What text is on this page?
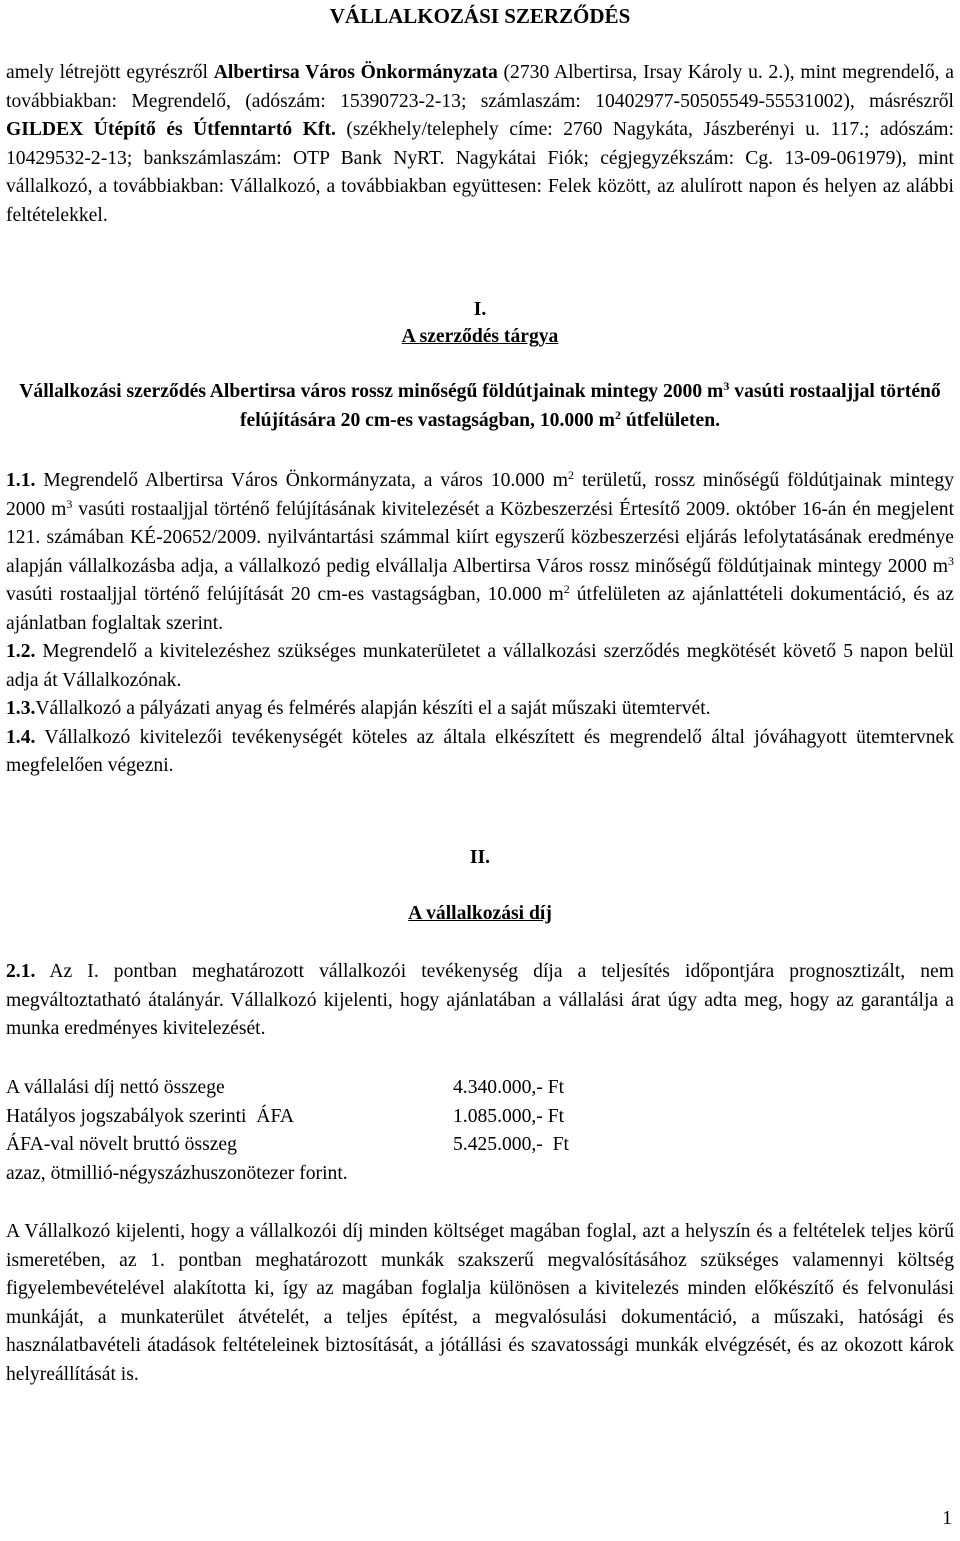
VÁLLALKOZÁSI SZERZŐDÉS

amely létrejött egyrészről Albertirsa Város Önkormányzata (2730 Albertirsa, Irsay Károly u. 2.), mint megrendelő, a továbbiakban: Megrendelő, (adószám: 15390723-2-13; számlaszám: 10402977-50505549-55531002), másrészről GILDEX Útépítő és Útfenntartó Kft. (székhely/telephely címe: 2760 Nagykáta, Jászberényi u. 117.; adószám: 10429532-2-13; bankszámlaszám: OTP Bank NyRT. Nagykátai Fiók; cégjegyzékszám: Cg. 13-09-061979), mint vállalkozó, a továbbiakban: Vállalkozó, a továbbiakban együttesen: Felek között, az alulírott napon és helyen az alábbi feltételekkel.

I.

A szerződés tárgya

Vállalkozási szerződés Albertirsa város rossz minőségű földútjainak mintegy 2000 $m^3$ vasúti rostaaljjal történő felújítására 20 cm-es vastagságban, 10.000 $m^2$ útfelületen.

1.1. Megrendelő Albertirsa Város Önkormányzata, a város 10.000 $m^2$ területű, rossz minőségű földútjainak mintegy 2000 $m^3$ vasúti rostaaljjal történő felújításának kivitelezését a Közbeszerzési Értesítő 2009. október 16-án én megjelent 121. számában KÉ-20652/2009. nyilvántartási számmal kiírt egyszerű közbeszerzési eljárás lefolytatásának eredménye alapján vállalkozásba adja, a vállalkozó pedig elvállalja Albertirsa Város rossz minőségű földútjainak mintegy 2000 $m^3$ vasúti rostaaljjal történő felújítását 20 cm-es vastagságban, 10.000 $m^2$ útfelületen az ajánlattételi dokumentáció, és az ajánlatban foglaltak szerint.

1.2. Megrendelő a kivitelezéshez szükséges munkaterületet a vállalkozási szerződés megkötését követő 5 napon belül adja át Vállalkozónak.

1.3.Vállalkozó a pályázati anyag és felmérés alapján készíti el a saját műszaki ütemtervét.

1.4. Vállalkozó kivitelezői tevékenységét köteles az általa elkészített és megrendelő által jóváhagyott ütemtervnek megfelelően végezni.

II.

A vállalkozási díj

2.1. Az I. pontban meghatározott vállalkozói tevékenység díja a teljesítés időpontjára prognosztizált, nem megváltoztatható átalányár. Vállalkozó kijelenti, hogy ajánlatában a vállalási árat úgy adta meg, hogy az garantálja a munka eredményes kivitelezését.

A vállalási díj nettó összege	4.340.000,- Ft
Hatályos jogszabályok szerinti  ÁFA	1.085.000,- Ft
ÁFA-val növelt bruttó összeg	5.425.000,-  Ft
azaz, ötmillió-négyszázhuszonötezer forint.

A Vállalkozó kijelenti, hogy a vállalkozói díj minden költséget magában foglal, azt a helyszín és a feltételek teljes körű ismeretében, az 1. pontban meghatározott munkák szakszerű megvalósításához szükséges valamennyi költség figyelembevételével alakította ki, így az magában foglalja különösen a kivitelezés minden előkészítő és felvonulási munkáját, a munkaterület átvételét, a teljes építést, a megvalósulási dokumentáció, a műszaki, hatósági és használatbavételi átadások feltételeinek biztosítását, a jótállási és szavatossági munkák elvégzését, és az okozott károk helyreállítását is.

1
